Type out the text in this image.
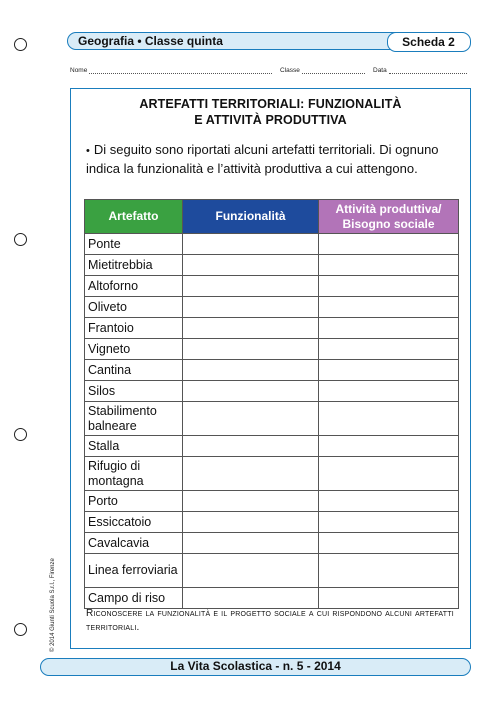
Geografia • Classe quinta	Scheda 2
Nome	Classe	Data
ARTEFATTI TERRITORIALI: FUNZIONALITÀ
E ATTIVITÀ PRODUTTIVA
• Di seguito sono riportati alcuni artefatti territoriali. Di ognuno indica la funzionalità e l’attività produttiva a cui attengono.
Artefatto	Funzionalità	Attività produttiva/ Bisogno sociale
Ponte		
Mietitrebbia		
Altoforno		
Oliveto		
Frantoio		
Vigneto		
Cantina		
Silos		
Stabilimento balneare		
Stalla		
Rifugio di montagna		
Porto		
Essiccatoio		
Cavalcavia		
Linea ferroviaria		
Campo di riso		
Riconoscere la funzionalità e il progetto sociale a cui rispondono alcuni artefatti territoriali.
La Vita Scolastica - n. 5 - 2014
© 2014 Giunti Scuola S.r.l., Firenze
